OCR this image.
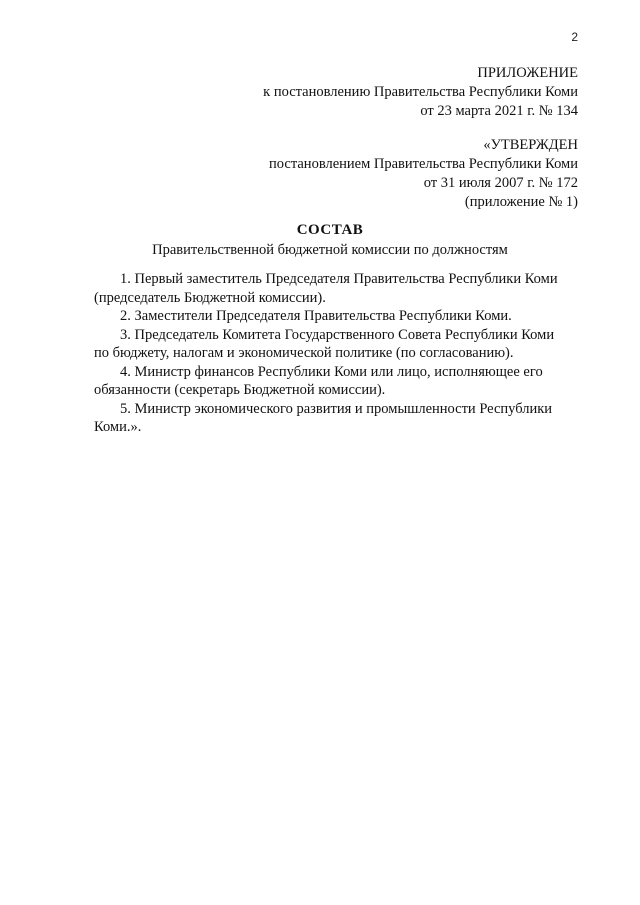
2
ПРИЛОЖЕНИЕ
к постановлению Правительства Республики Коми
от 23 марта 2021 г. № 134
«УТВЕРЖДЕН
постановлением Правительства Республики Коми
от 31 июля 2007 г. № 172
(приложение № 1)
СОСТАВ
Правительственной бюджетной комиссии по должностям

1. Первый заместитель Председателя Правительства Республики Коми
(председатель Бюджетной комиссии).

2. Заместители Председателя Правительства Республики Коми.

3. Председатель Комитета Государственного Совета Республики Коми
по бюджету, налогам и экономической политике (по согласованию).

4. Министр финансов Республики Коми или лицо, исполняющее его
обязанности (секретарь Бюджетной комиссии).

5. Министр экономического развития и промышленности Республики
Коми.».
